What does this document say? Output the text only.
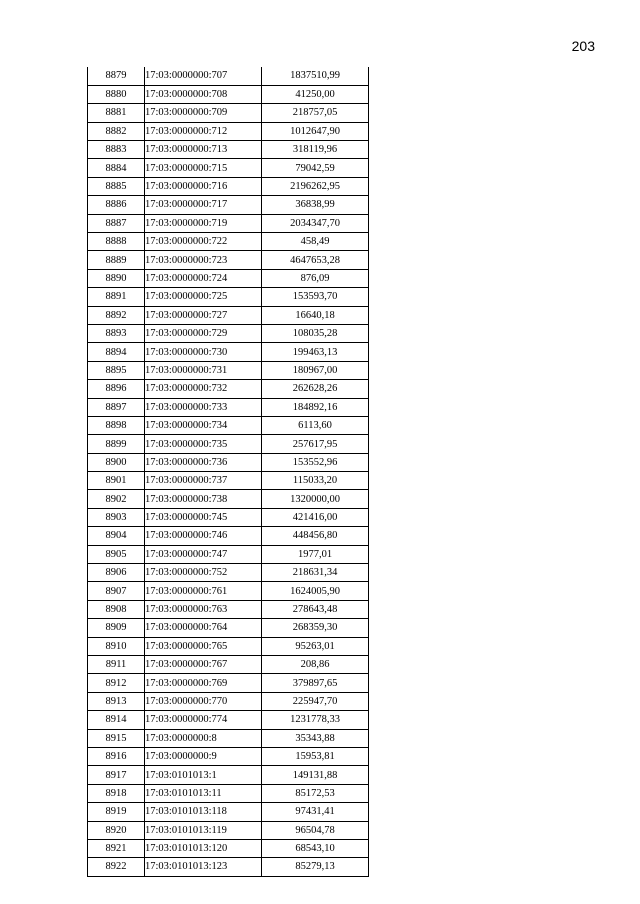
203
8879	17:03:0000000:707	1837510,99
8880	17:03:0000000:708	41250,00
8881	17:03:0000000:709	218757,05
8882	17:03:0000000:712	1012647,90
8883	17:03:0000000:713	318119,96
8884	17:03:0000000:715	79042,59
8885	17:03:0000000:716	2196262,95
8886	17:03:0000000:717	36838,99
8887	17:03:0000000:719	2034347,70
8888	17:03:0000000:722	458,49
8889	17:03:0000000:723	4647653,28
8890	17:03:0000000:724	876,09
8891	17:03:0000000:725	153593,70
8892	17:03:0000000:727	16640,18
8893	17:03:0000000:729	108035,28
8894	17:03:0000000:730	199463,13
8895	17:03:0000000:731	180967,00
8896	17:03:0000000:732	262628,26
8897	17:03:0000000:733	184892,16
8898	17:03:0000000:734	6113,60
8899	17:03:0000000:735	257617,95
8900	17:03:0000000:736	153552,96
8901	17:03:0000000:737	115033,20
8902	17:03:0000000:738	1320000,00
8903	17:03:0000000:745	421416,00
8904	17:03:0000000:746	448456,80
8905	17:03:0000000:747	1977,01
8906	17:03:0000000:752	218631,34
8907	17:03:0000000:761	1624005,90
8908	17:03:0000000:763	278643,48
8909	17:03:0000000:764	268359,30
8910	17:03:0000000:765	95263,01
8911	17:03:0000000:767	208,86
8912	17:03:0000000:769	379897,65
8913	17:03:0000000:770	225947,70
8914	17:03:0000000:774	1231778,33
8915	17:03:0000000:8	35343,88
8916	17:03:0000000:9	15953,81
8917	17:03:0101013:1	149131,88
8918	17:03:0101013:11	85172,53
8919	17:03:0101013:118	97431,41
8920	17:03:0101013:119	96504,78
8921	17:03:0101013:120	68543,10
8922	17:03:0101013:123	85279,13
